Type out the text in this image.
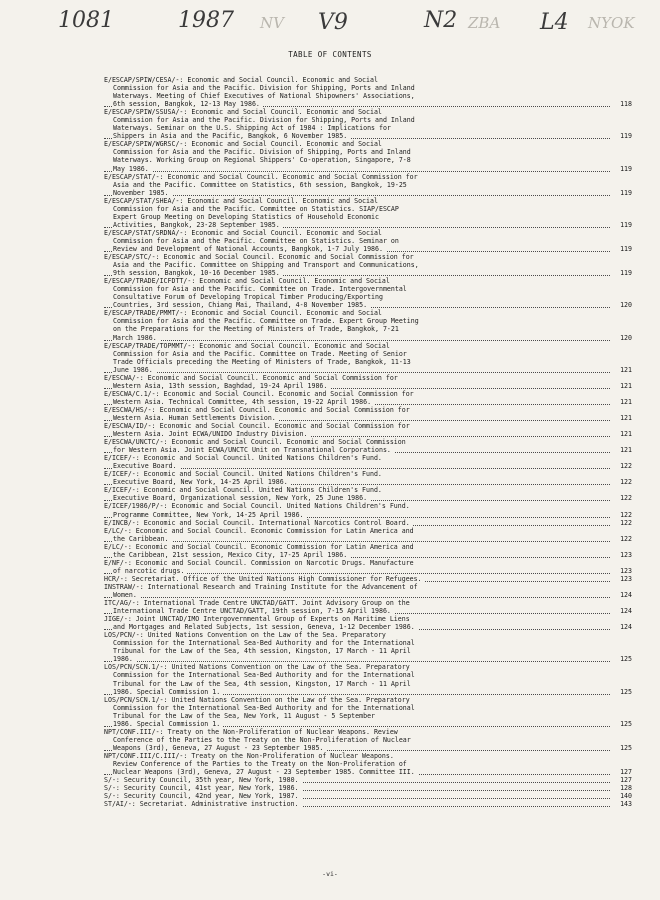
1081	1987 NV V9	N2 ZBA L4 NYOK
TABLE OF CONTENTS
E/ESCAP/SPIW/CESA/-: Economic and Social Council. Economic and Social
Commission for Asia and the Pacific. Division for Shipping, Ports and Inland
Waterways. Meeting of Chief Executives of National Shipowners' Associations,
6th session, Bangkok, 12-13 May 1986.	118
E/ESCAP/SPIW/SSUSA/-: Economic and Social Council. Economic and Social
Commission for Asia and the Pacific. Division for Shipping, Ports and Inland
Waterways. Seminar on the U.S. Shipping Act of 1984 : Implications for
Shippers in Asia and the Pacific, Bangkok, 6 November 1985.	119
E/ESCAP/SPIW/WGRSC/-: Economic and Social Council. Economic and Social
Commission for Asia and the Pacific. Division of Shipping, Ports and Inland
Waterways. Working Group on Regional Shippers' Co-operation, Singapore, 7-8
May 1986.	119
E/ESCAP/STAT/-: Economic and Social Council. Economic and Social Commission for
Asia and the Pacific. Committee on Statistics, 6th session, Bangkok, 19-25
November 1985.	119
E/ESCAP/STAT/SHEA/-: Economic and Social Council. Economic and Social
Commission for Asia and the Pacific. Committee on Statistics. SIAP/ESCAP
Expert Group Meeting on Developing Statistics of Household Economic
Activities, Bangkok, 23-28 September 1985.	119
E/ESCAP/STAT/SRDNA/-: Economic and Social Council. Economic and Social
Commission for Asia and the Pacific. Committee on Statistics. Seminar on
Review and Development of National Accounts, Bangkok, 1-7 July 1986.	119
E/ESCAP/STC/-: Economic and Social Council. Economic and Social Commission for
Asia and the Pacific. Committee on Shipping and Transport and Communications,
9th session, Bangkok, 10-16 December 1985.	119
E/ESCAP/TRADE/ICFDTT/-: Economic and Social Council. Economic and Social
Commission for Asia and the Pacific. Committee on Trade. Intergovernmental
Consultative Forum of Developing Tropical Timber Producing/Exporting
Countries, 3rd session, Chiang Mai, Thailand, 4-8 November 1985.	120
E/ESCAP/TRADE/PMMT/-: Economic and Social Council. Economic and Social
Commission for Asia and the Pacific. Committee on Trade. Expert Group Meeting
on the Preparations for the Meeting of Ministers of Trade, Bangkok, 7-21
March 1986.	120
E/ESCAP/TRADE/TOPMMT/-: Economic and Social Council. Economic and Social
Commission for Asia and the Pacific. Committee on Trade. Meeting of Senior
Trade Officials preceding the Meeting of Ministers of Trade, Bangkok, 11-13
June 1986.	121
E/ESCWA/-: Economic and Social Council. Economic and Social Commission for
Western Asia, 13th session, Baghdad, 19-24 April 1986.	121
E/ESCWA/C.1/-: Economic and Social Council. Economic and Social Commission for
Western Asia. Technical Committee, 4th session, 19-22 April 1986.	121
E/ESCWA/HS/-: Economic and Social Council. Economic and Social Commission for
Western Asia. Human Settlements Division.	121
E/ESCWA/ID/-: Economic and Social Council. Economic and Social Commission for
Western Asia. Joint ECWA/UNIDO Industry Division.	121
E/ESCWA/UNCTC/-: Economic and Social Council. Economic and Social Commission
for Western Asia. Joint ECWA/UNCTC Unit on Transnational Corporations.	121
E/ICEF/-: Economic and Social Council. United Nations Children's Fund.
Executive Board.	122
E/ICEF/-: Economic and Social Council. United Nations Children's Fund.
Executive Board, New York, 14-25 April 1986.	122
E/ICEF/-: Economic and Social Council. United Nations Children's Fund.
Executive Board, Organizational session, New York, 25 June 1986.	122
E/ICEF/1986/P/-: Economic and Social Council. United Nations Children's Fund.
Programme Committee, New York, 14-25 April 1986.	122
E/INCB/-: Economic and Social Council. International Narcotics Control Board.	122
E/LC/-: Economic and Social Council. Economic Commission for Latin America and
the Caribbean.	122
E/LC/-: Economic and Social Council. Economic Commission for Latin America and
the Caribbean, 21st session, Mexico City, 17-25 April 1986.	123
E/NF/-: Economic and Social Council. Commission on Narcotic Drugs. Manufacture
of narcotic drugs.	123
HCR/-: Secretariat. Office of the United Nations High Commissioner for Refugees.	123
INSTRAW/-: International Research and Training Institute for the Advancement of
Women.	124
ITC/AG/-: International Trade Centre UNCTAD/GATT. Joint Advisory Group on the
International Trade Centre UNCTAD/GATT, 19th session, 7-15 April 1986.	124
JIGE/-: Joint UNCTAD/IMO Intergovernmental Group of Experts on Maritime Liens
and Mortgages and Related Subjects, 1st session, Geneva, 1-12 December 1986.	124
LOS/PCN/-: United Nations Convention on the Law of the Sea. Preparatory
Commission for the International Sea-Bed Authority and for the International
Tribunal for the Law of the Sea, 4th session, Kingston, 17 March - 11 April
1986.	125
LOS/PCN/SCN.1/-: United Nations Convention on the Law of the Sea. Preparatory
Commission for the International Sea-Bed Authority and for the International
Tribunal for the Law of the Sea, 4th session, Kingston, 17 March - 11 April
1986. Special Commission 1.	125
LOS/PCN/SCN.1/-: United Nations Convention on the Law of the Sea. Preparatory
Commission for the International Sea-Bed Authority and for the International
Tribunal for the Law of the Sea, New York, 11 August - 5 September
1986. Special Commission 1.	125
NPT/CONF.III/-: Treaty on the Non-Proliferation of Nuclear Weapons. Review
Conference of the Parties to the Treaty on the Non-Proliferation of Nuclear
Weapons (3rd), Geneva, 27 August - 23 September 1985.	125
NPT/CONF.III/C.III/-: Treaty on the Non-Proliferation of Nuclear Weapons.
Review Conference of the Parties to the Treaty on the Non-Proliferation of
Nuclear Weapons (3rd), Geneva, 27 August - 23 September 1985. Committee III.	127
S/-: Security Council, 35th year, New York, 1980.	127
S/-: Security Council, 41st year, New York, 1986.	128
S/-: Security Council, 42nd year, New York, 1987.	140
ST/AI/-: Secretariat. Administrative instruction.	143
-vi-
